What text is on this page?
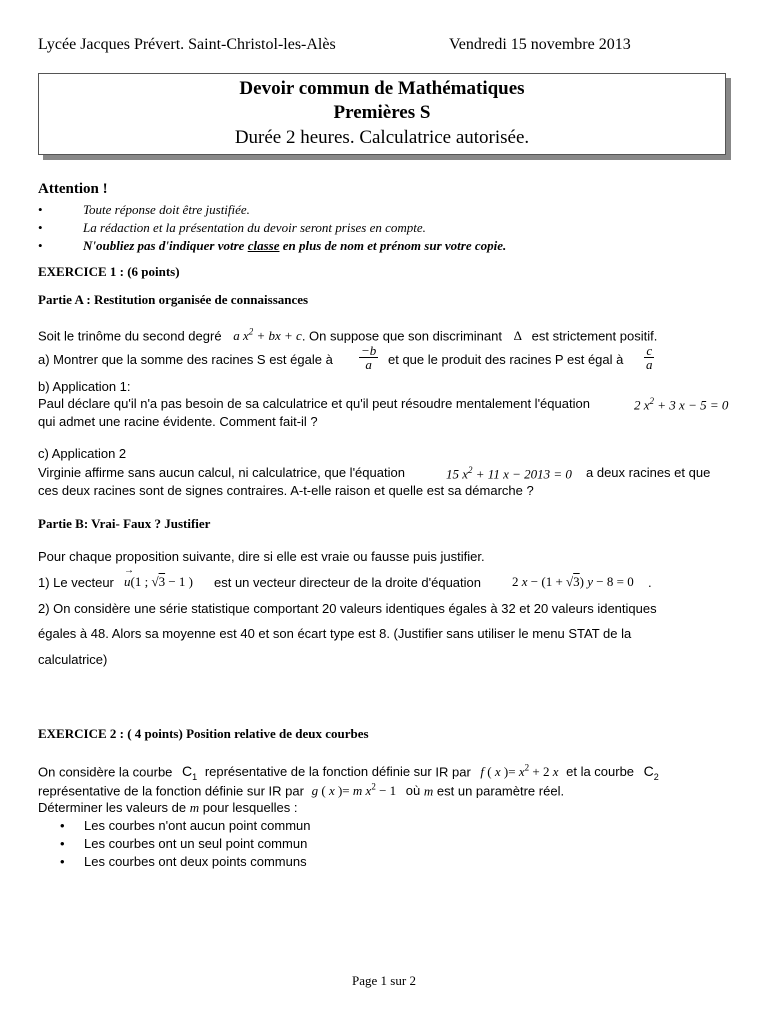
Lycée Jacques Prévert. Saint-Christol-les-Alès	Vendredi 15 novembre 2013
Devoir commun de Mathématiques
Premières S
Durée 2 heures. Calculatrice autorisée.
Attention !
•	Toute réponse doit être justifiée.
•	La rédaction et la présentation du devoir seront prises en compte.
•	N'oubliez pas d'indiquer votre classe en plus de nom et prénom sur votre copie.
EXERCICE 1 : (6 points)
Partie A : Restitution organisée de connaissances
Soit le trinôme du second degré a $x^2$ + bx + c. On suppose que son discriminant Δ est strictement positif.
a) Montrer que la somme des racines S est égale à $\frac{-b}{a}$ et que le produit des racines P est égal à $\frac{c}{a}$
b) Application 1:
Paul déclare qu'il n'a pas besoin de sa calculatrice et qu'il peut résoudre mentalement l'équation	2 $x^2 + 3$ x − 5 = 0
qui admet une racine évidente. Comment fait-il ?
c) Application 2
Virginie affirme sans aucun calcul, ni calculatrice, que l'équation	15 $x^2 + 11$ x − 2013 = 0 a deux racines et que
ces deux racines sont de signes contraires. A-t-elle raison et quelle est sa démarche ?
Partie B: Vrai- Faux ? Justifier
Pour chaque proposition suivante, dire si elle est vraie ou fausse puis justifier.
1) Le vecteur u
→
(1 ; √3 − 1 ) est un vecteur directeur de la droite d'équation 2 x − (1 + √3) y − 8 = 0 .
2) On considère une série statistique comportant 20 valeurs identiques égales à 32 et 20 valeurs identiques
égales à 48. Alors sa moyenne est 40 et son écart type est 8. (Justifier sans utiliser le menu STAT de la
calculatrice)
EXERCICE 2 : ( 4 points) Position relative de deux courbes
On considère la courbe $C_1$ représentative de la fonction définie sur IR par f ( x )= $x^2 + 2$ x et la courbe $C_2$
représentative de la fonction définie sur IR par g ( x )= m $x^2 - 1$ où m est un paramètre réel.
Déterminer les valeurs de m pour lesquelles :
• Les courbes n'ont aucun point commun
• Les courbes ont un seul point commun
• Les courbes ont deux points communs
Page 1 sur 2
